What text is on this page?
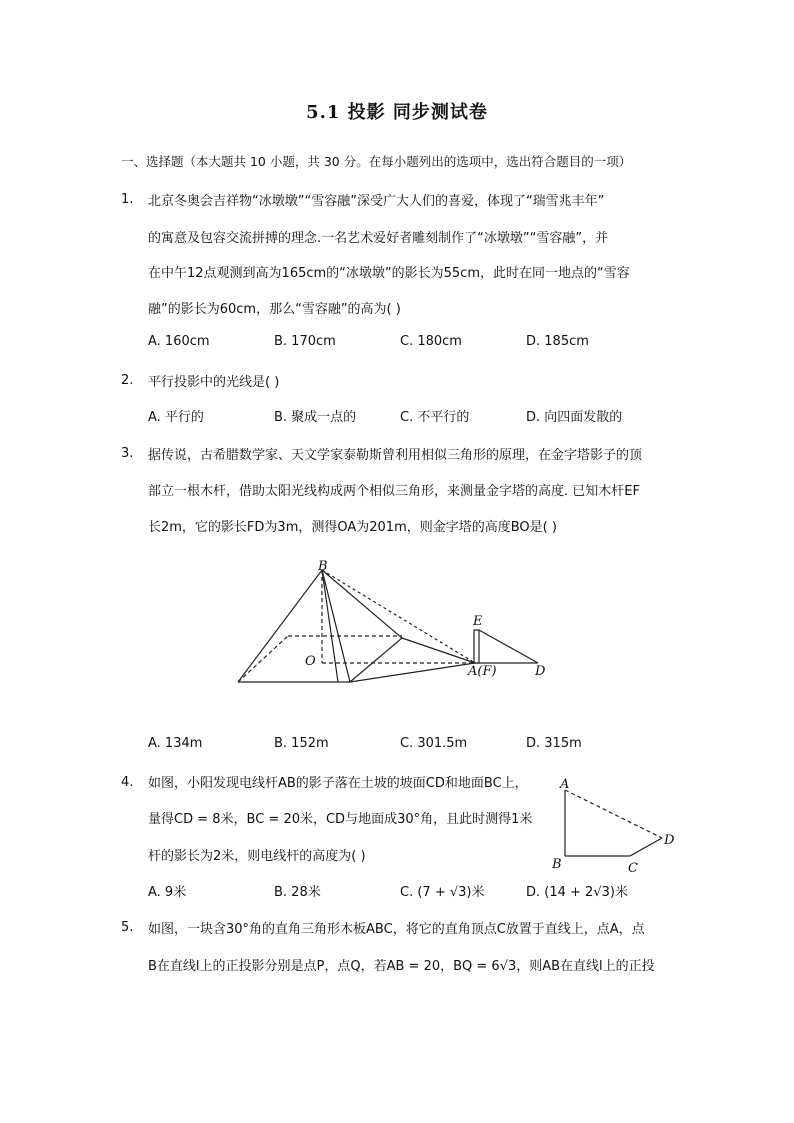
5.1 投影 同步测试卷
一、选择题（本大题共 10 小题，共 30 分。在每小题列出的选项中，选出符合题目的一项）
1. 北京冬奥会吉祥物“冰墩墩”“雪容融”深受广大人们的喜爱，体现了“瑞雪兆丰年”
的寓意及包容交流拼搏的理念.一名艺术爱好者雕刻制作了“冰墩墩”“雪容融”，并
在中午12点观测到高为165cm的“冰墩墩”的影长为55cm，此时在同一地点的“雪容
融”的影长为60cm，那么“雪容融”的高为( )
A. 160cm	B. 170cm	C. 180cm	D. 185cm
2. 平行投影中的光线是( )
A. 平行的	B. 聚成一点的	C. 不平行的	D. 向四面发散的
3. 据传说，古希腊数学家、天文学家泰勒斯曾利用相似三角形的原理，在金字塔影子的顶
部立一根木杆，借助太阳光线构成两个相似三角形，来测量金字塔的高度. 已知木杆EF
长2m，它的影长FD为3m，测得OA为201m，则金字塔的高度BO是( )
B
E
O
A(F)	D
A. 134m	B. 152m	C. 301.5m	D. 315m
4. 如图，小阳发现电线杆AB的影子落在土坡的坡面CD和地面BC上，
量得CD = 8米，BC = 20米，CD与地面成30°角，且此时测得1米
杆的影长为2米，则电线杆的高度为( )
A
B	C
D
A. 9米	B. 28米	C. (7 + √3)米	D. (14 + 2√3)米
5. 如图，一块含30°角的直角三角形木板ABC，将它的直角顶点C放置于直线上，点A，点
B在直线l上的正投影分别是点P，点Q，若AB = 20，BQ = 6√3，则AB在直线l上的正投
